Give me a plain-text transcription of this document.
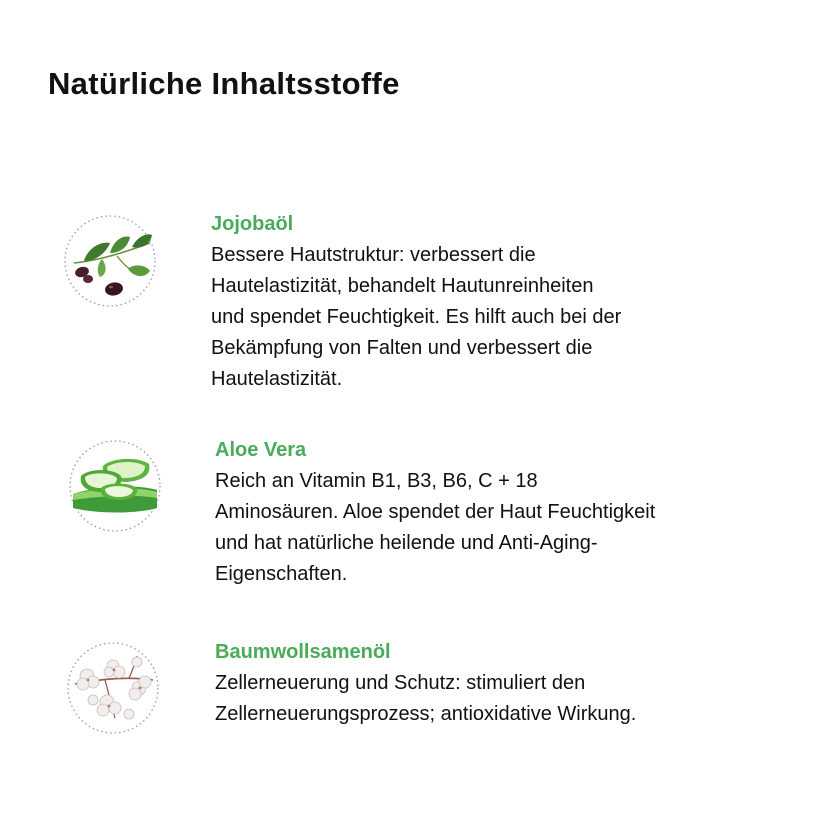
Natürliche Inhaltsstoffe
Jojobaöl
Bessere Hautstruktur: verbessert die
Hautelastizität, behandelt Hautunreinheiten
und spendet Feuchtigkeit. Es hilft auch bei der
Bekämpfung von Falten und verbessert die
Hautelastizität.
Aloe Vera
Reich an Vitamin B1, B3, B6, C + 18
Aminosäuren. Aloe spendet der Haut Feuchtigkeit
und hat natürliche heilende und Anti-Aging-
Eigenschaften.
Baumwollsamenöl
Zellerneuerung und Schutz: stimuliert den
Zellerneuerungsprozess; antioxidative Wirkung.
